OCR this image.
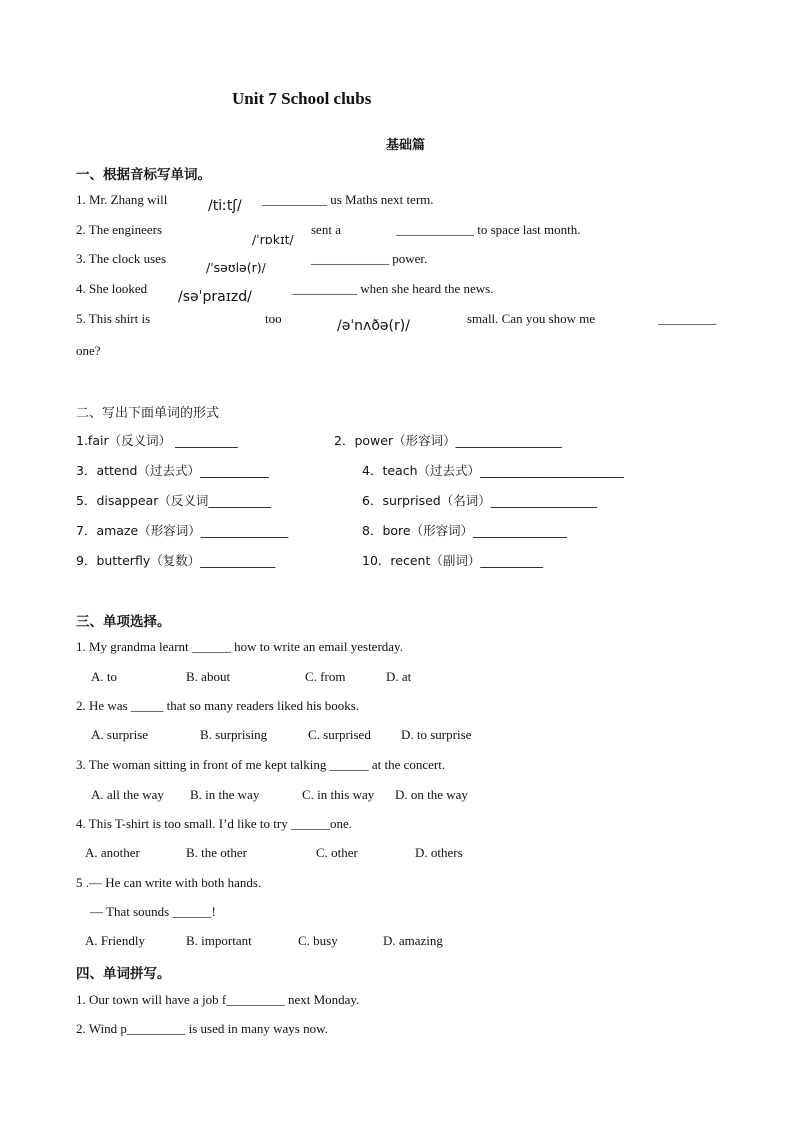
Unit 7 School clubs
基础篇
一、根据音标写单词。
1. Mr. Zhang will	/tiːtʃ/ __________ us Maths next term.
2. The engineers
/ˈrɒkɪt/
sent a	____________ to space last month.
3. The clock uses
/ˈsəʊlə(r)/
____________ power.
4. She looked
/səˈpraɪzd/
__________ when she heard the news.
5. This shirt is	too	/əˈnʌðə(r)/	small. Can you show me	_________
one?
二、写出下面单词的形式
1.fair（反义词） __________	2．power（形容词）_________________
3．attend（过去式）___________	4．teach（过去式）_______________________
5．disappear（反义词__________	6．surprised（名词）_________________
7．amaze（形容词）______________	8．bore（形容词）_______________
9．butterfly（复数）____________	10．recent（副词）__________
三、单项选择。
1. My grandma learnt ______ how to write an email yesterday.
A. to	B. about	C. from	D. at
2. He was _____ that so many readers liked his books.
A. surprise	B. surprising	C. surprised D. to surprise
3. The woman sitting in front of me kept talking ______ at the concert.
A. all the way B. in the way	C. in this way D. on the way
4. This T-shirt is too small. I’d like to try ______one.
A. another	B. the other	C. other	D. others
5 .— He can write with both hands.
— That sounds ______!
A. Friendly	B. important	C. busy	D. amazing
四、单词拼写。
1. Our town will have a job f_________ next Monday.
2. Wind p_________ is used in many ways now.
